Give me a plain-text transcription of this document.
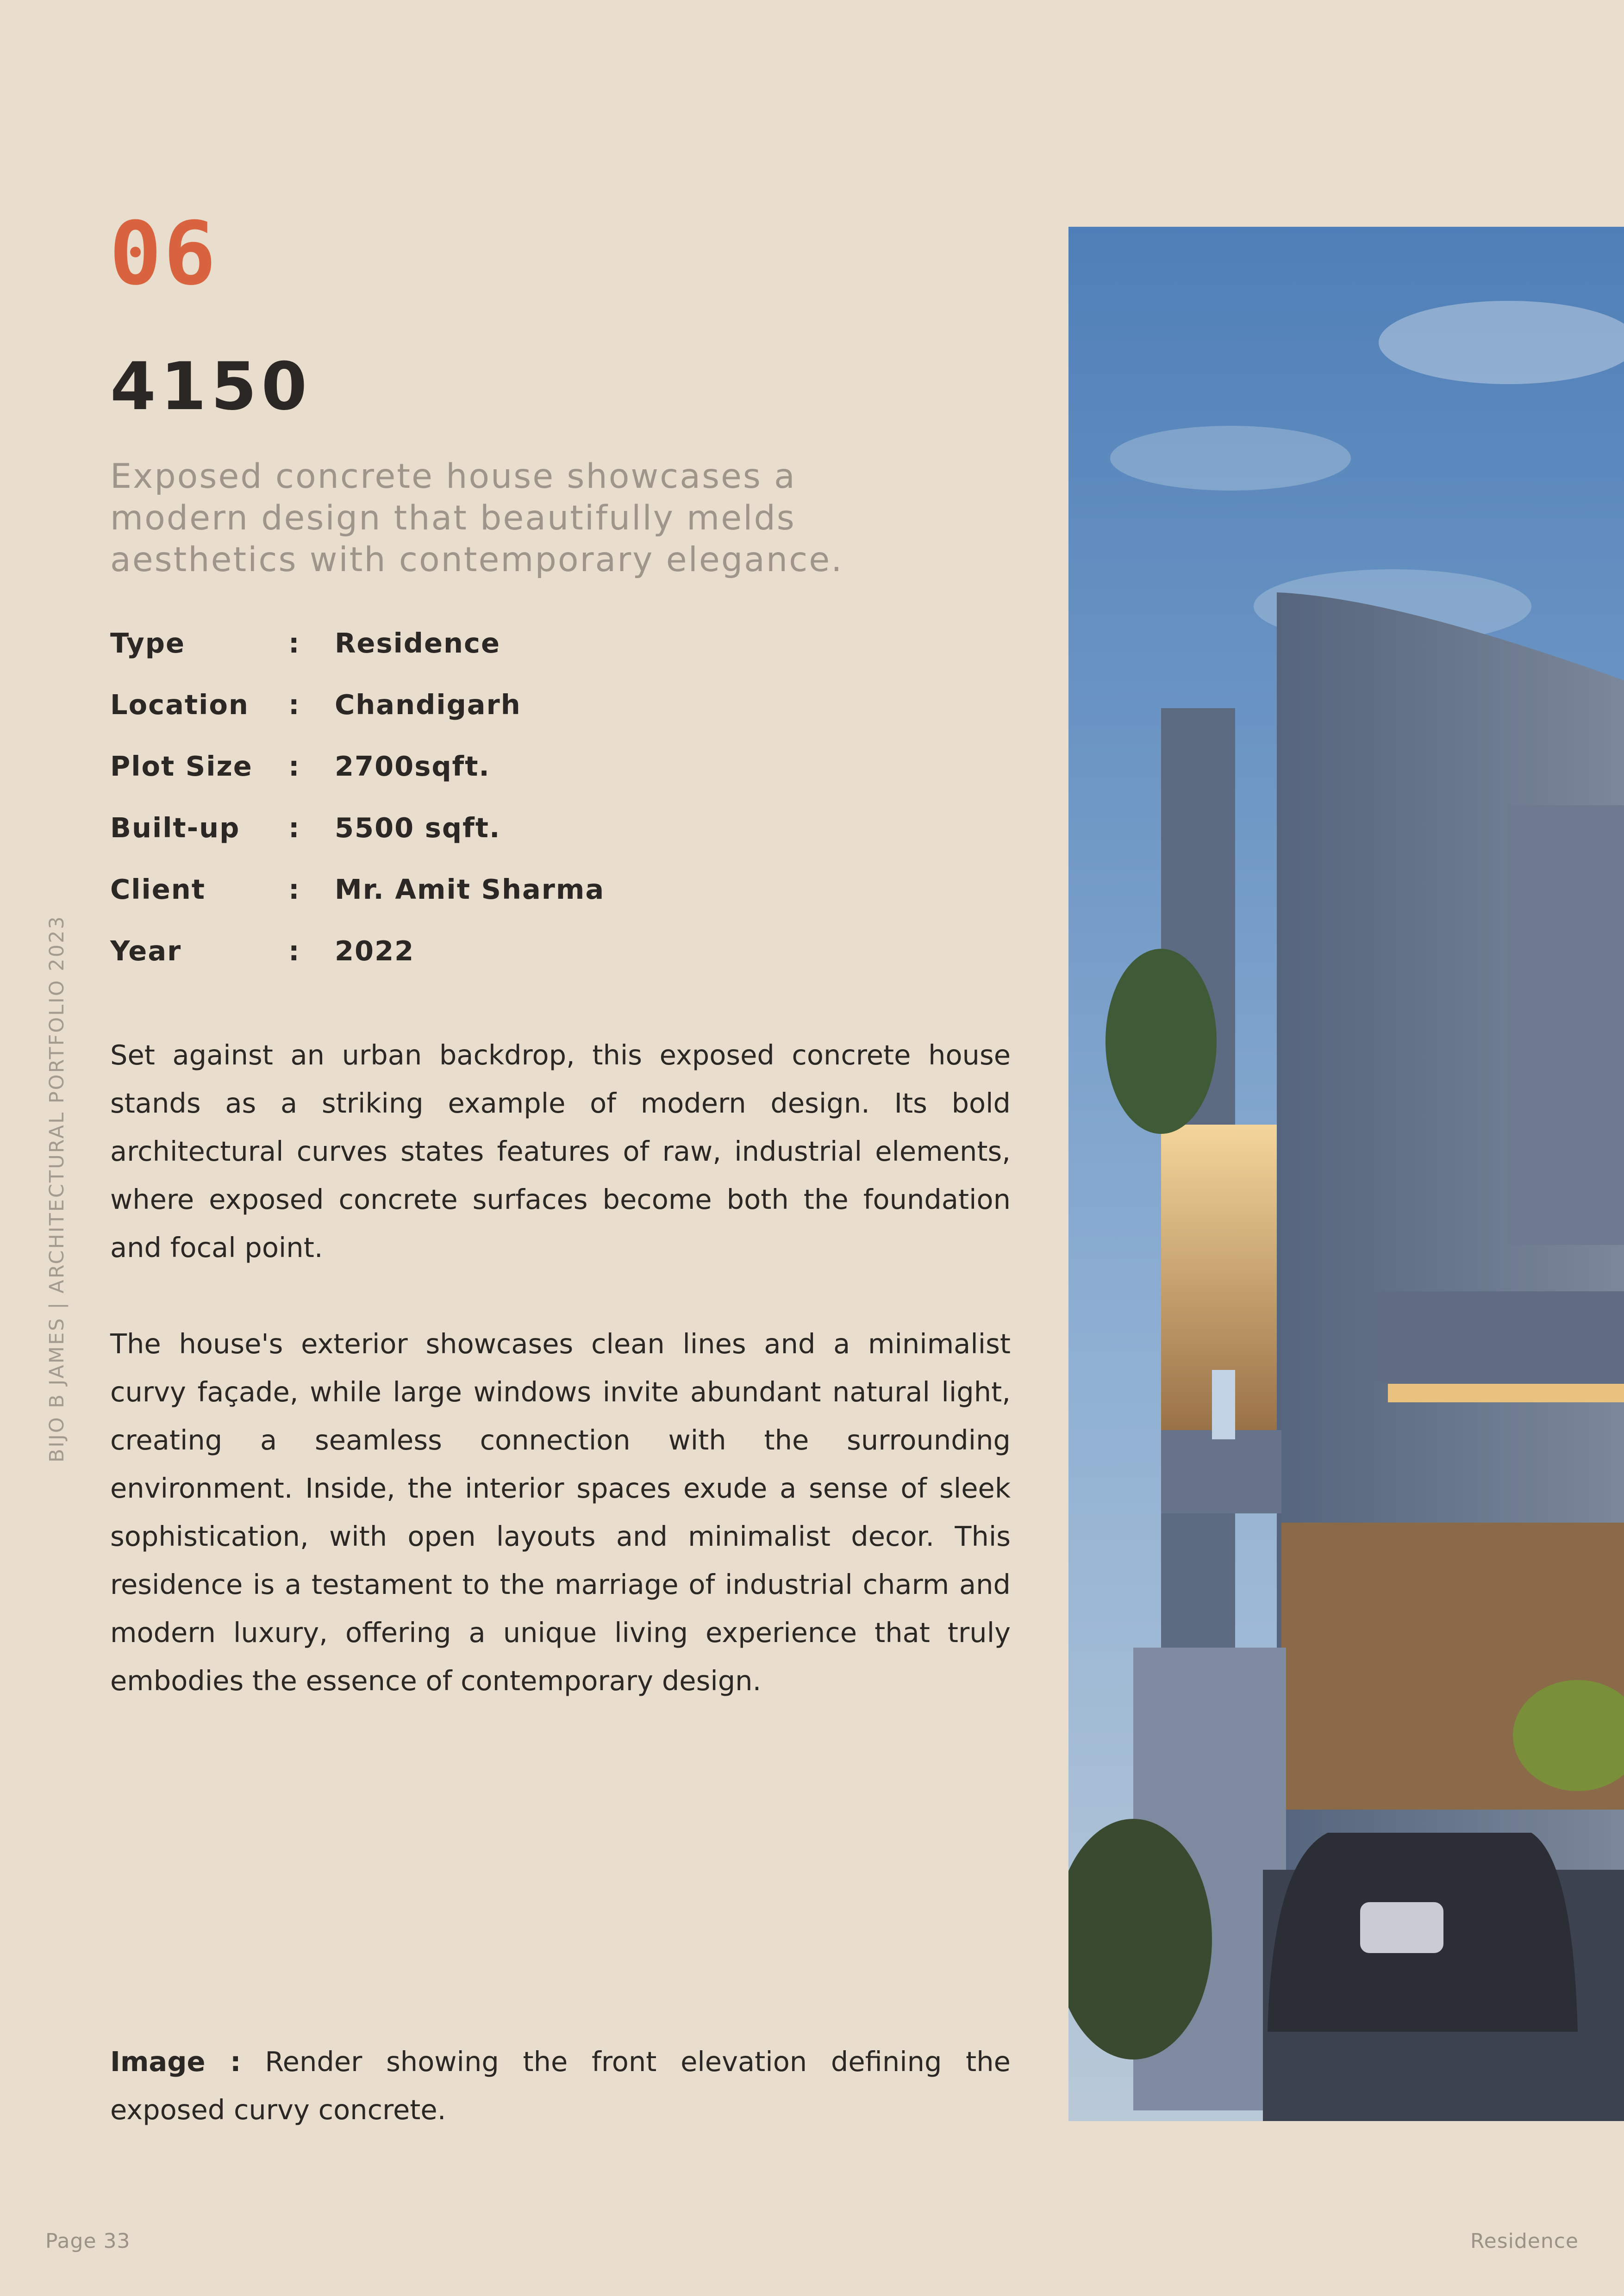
BIJO B JAMES | ARCHITECTURAL PORTFOLIO 2023
06
4150
Exposed concrete house showcases a modern design that beautifully melds aesthetics with contemporary elegance.
Type	:	Residence
Location	:	Chandigarh
Plot Size	:	2700sqft.
Built-up	:	5500 sqft.
Client	:	Mr. Amit Sharma
Year	:	2022

Set against an urban backdrop, this exposed concrete house stands as a striking example of modern design. Its bold architectural curves states features of raw, industrial elements, where exposed concrete surfaces become both the foundation and focal point.

The house's exterior showcases clean lines and a minimalist curvy façade, while large windows invite abundant natural light, creating a seamless connection with the surrounding environment. Inside, the interior spaces exude a sense of sleek sophistication, with open layouts and minimalist decor. This residence is a testament to the marriage of industrial charm and modern luxury, offering a unique living experience that truly embodies the essence of contemporary design.

Image : Render showing the front elevation defining the exposed curvy concrete.

Page 33	Residence
